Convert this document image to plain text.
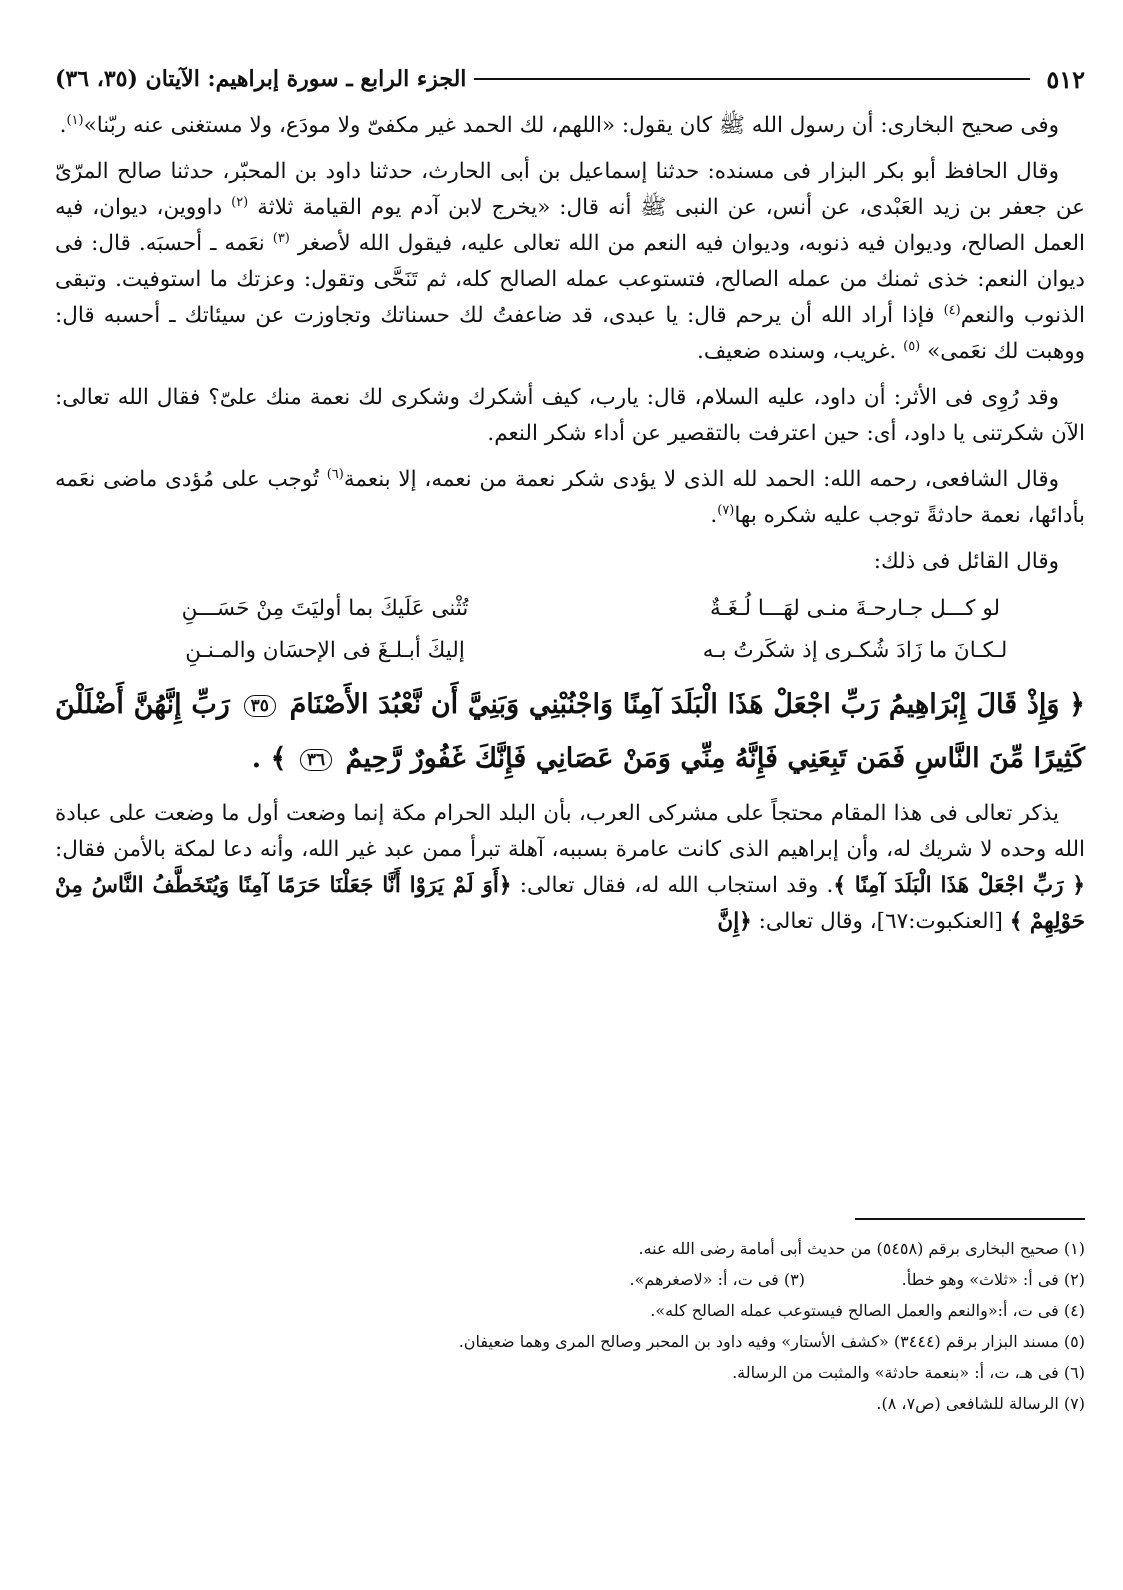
٥١٢
الجزء الرابع ـ سورة إبراهيم: الآيتان (٣٥، ٣٦)

وفى صحيح البخارى: أن رسول الله ﷺ كان يقول: «اللهم، لك الحمد غير مكفىّ ولا مودَع، ولا مستغنى عنه ربّنا»$^{(١)}$.

وقال الحافظ أبو بكر البزار فى مسنده: حدثنا إسماعيل بن أبى الحارث، حدثنا داود بن المحبّر، حدثنا صالح المرّىّ عن جعفر بن زيد العَبْدى، عن أنس، عن النبى ﷺ أنه قال: «يخرج لابن آدم يوم القيامة ثلاثة $^{(٢)}$ داووين، ديوان، فيه العمل الصالح، وديوان فيه ذنوبه، وديوان فيه النعم من الله تعالى عليه، فيقول الله لأصغر $^{(٣)}$ نعَمه ـ أحسبَه. قال: فى ديوان النعم: خذى ثمنك من عمله الصالح، فتستوعب عمله الصالح كله، ثم تَنَحَّى وتقول: وعزتك ما استوفيت. وتبقى الذنوب والنعم$^{(٤)}$ فإذا أراد الله أن يرحم قال: يا عبدى، قد ضاعفتُ لك حسناتك وتجاوزت عن سيئاتك ـ أحسبه قال: ووهبت لك نعَمى» $^{(٥)}$ .غريب، وسنده ضعيف.

وقد رُوِى فى الأثر: أن داود، عليه السلام، قال: يارب، كيف أشكرك وشكرى لك نعمة منك علىّ؟ فقال الله تعالى: الآن شكرتنى يا داود، أى: حين اعترفت بالتقصير عن أداء شكر النعم.

وقال الشافعى، رحمه الله: الحمد لله الذى لا يؤدى شكر نعمة من نعمه، إلا بنعمة$^{(٦)}$ تُوجب على مُؤدى ماضى نعَمه بأدائها، نعمة حادثةً توجب عليه شكره بها$^{(٧)}$.

وقال القائل فى ذلك:

لو كـــل جـارحـةَ منـى لهَـــا لُـغَـةٌ
تُثْنى عَلَيكَ بما أوليَتَ مِنْ حَسَـــنِ
لـكـانَ ما زَادَ شُكـرى إذ شكَرتُ بـه
إليكَ أبـلـغَ فى الإحسَان والمـنـنِ

﴿ وَإِذْ قَالَ إِبْرَاهِيمُ رَبِّ اجْعَلْ هَذَا الْبَلَدَ آمِنًا وَاجْنُبْنِي وَبَنِيَّ أَن نَّعْبُدَ الأَصْنَامَ ٣٥ رَبِّ إِنَّهُنَّ أَضْلَلْنَ كَثِيرًا مِّنَ النَّاسِ فَمَن تَبِعَنِي فَإِنَّهُ مِنِّي وَمَنْ عَصَانِي فَإِنَّكَ غَفُورٌ رَّحِيمٌ ٣٦ ﴾ .

يذكر تعالى فى هذا المقام محتجاً على مشركى العرب، بأن البلد الحرام مكة إنما وضعت أول ما وضعت على عبادة الله وحده لا شريك له، وأن إبراهيم الذى كانت عامرة بسببه، آهلة تبرأ ممن عبد غير الله، وأنه دعا لمكة بالأمن فقال: ﴿ رَبِّ اجْعَلْ هَذَا الْبَلَدَ آمِنًا ﴾. وقد استجاب الله له، فقال تعالى: ﴿أَوَ لَمْ يَرَوْا أَنَّا جَعَلْنَا حَرَمًا آمِنًا وَيُتَخَطَّفُ النَّاسُ مِنْ حَوْلِهِمْ ﴾ [العنكبوت:٦٧]، وقال تعالى: ﴿إِنَّ

(١) صحيح البخارى برقم (٥٤٥٨) من حديث أبى أمامة رضى الله عنه.

(٢) فى أ: «ثلاث» وهو خطأ.

(٣) فى ت، أ: «لاصغرهم».

(٤) فى ت، أ:«والنعم والعمل الصالح فيستوعب عمله الصالح كله».

(٥) مسند البزار برقم (٣٤٤٤) «كشف الأستار» وفيه داود بن المحبر وصالح المرى وهما ضعيفان.

(٦) فى هـ، ت، أ: «بنعمة حادثة» والمثبت من الرسالة.

(٧) الرسالة للشافعى (ص٧، ٨).
